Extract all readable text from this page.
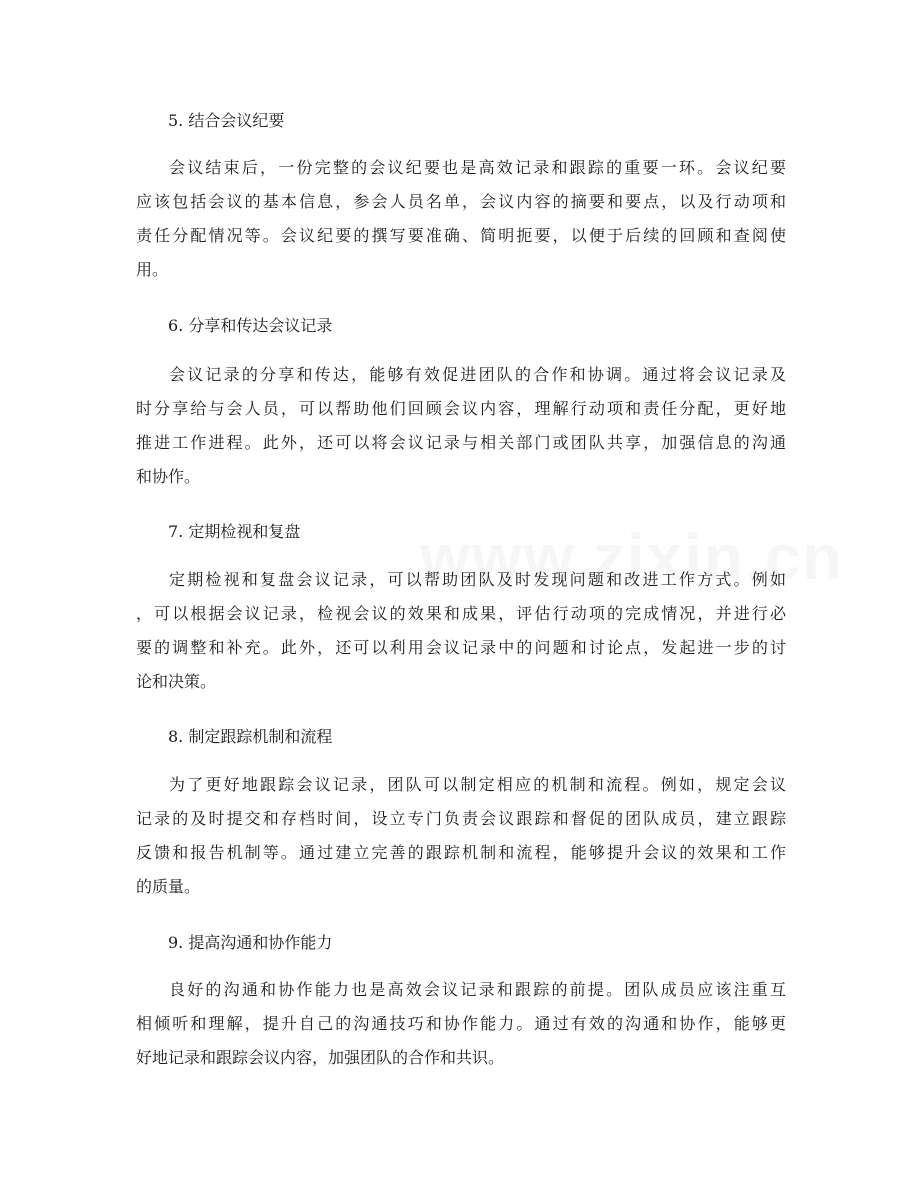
5. 结合会议纪要
会议结束后，一份完整的会议纪要也是高效记录和跟踪的重要一环。会议纪要
应该包括会议的基本信息，参会人员名单，会议内容的摘要和要点，以及行动项和
责任分配情况等。会议纪要的撰写要准确、简明扼要，以便于后续的回顾和查阅使
用。
6. 分享和传达会议记录
会议记录的分享和传达，能够有效促进团队的合作和协调。通过将会议记录及
时分享给与会人员，可以帮助他们回顾会议内容，理解行动项和责任分配，更好地
推进工作进程。此外，还可以将会议记录与相关部门或团队共享，加强信息的沟通
和协作。
7. 定期检视和复盘
定期检视和复盘会议记录，可以帮助团队及时发现问题和改进工作方式。例如
，可以根据会议记录，检视会议的效果和成果，评估行动项的完成情况，并进行必
要的调整和补充。此外，还可以利用会议记录中的问题和讨论点，发起进一步的讨
论和决策。
8. 制定跟踪机制和流程
为了更好地跟踪会议记录，团队可以制定相应的机制和流程。例如，规定会议
记录的及时提交和存档时间，设立专门负责会议跟踪和督促的团队成员，建立跟踪
反馈和报告机制等。通过建立完善的跟踪机制和流程，能够提升会议的效果和工作
的质量。
9. 提高沟通和协作能力
良好的沟通和协作能力也是高效会议记录和跟踪的前提。团队成员应该注重互
相倾听和理解，提升自己的沟通技巧和协作能力。通过有效的沟通和协作，能够更
好地记录和跟踪会议内容，加强团队的合作和共识。
